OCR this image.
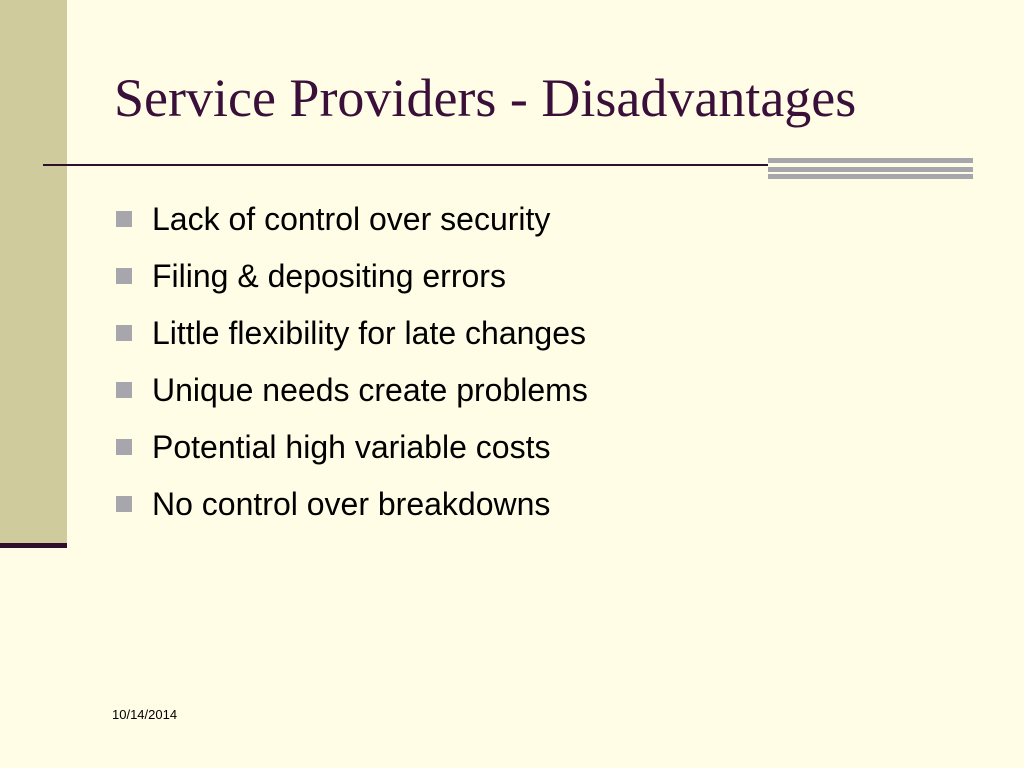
Service Providers - Disadvantages
Lack of control over security
Filing & depositing errors
Little flexibility for late changes
Unique needs create problems
Potential high variable costs
No control over breakdowns
10/14/2014
